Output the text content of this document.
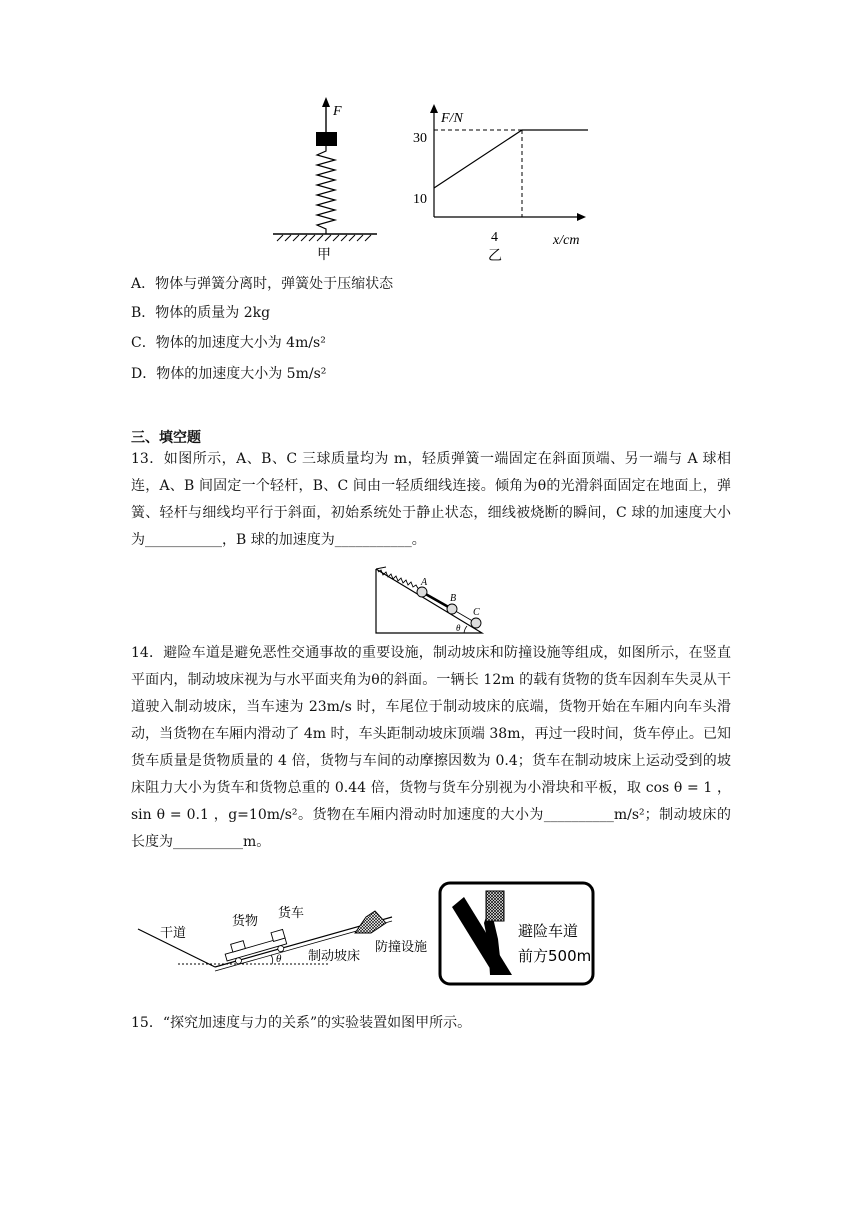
F
甲
F/N
x/cm
30
10
4
乙
A．物体与弹簧分离时，弹簧处于压缩状态
B．物体的质量为 2kg
C．物体的加速度大小为 4m/s²
D．物体的加速度大小为 5m/s²
三、填空题
13．如图所示，A、B、C 三球质量均为 m，轻质弹簧一端固定在斜面顶端、另一端与 A 球相连，A、B 间固定一个轻杆，B、C 间由一轻质细线连接。倾角为θ的光滑斜面固定在地面上，弹簧、轻杆与细线均平行于斜面，初始系统处于静止状态，细线被烧断的瞬间，C 球的加速度大小为___________，B 球的加速度为___________。
A
B
C
θ
14．避险车道是避免恶性交通事故的重要设施，制动坡床和防撞设施等组成，如图所示，在竖直平面内，制动坡床视为与水平面夹角为θ的斜面。一辆长 12m 的载有货物的货车因刹车失灵从干道驶入制动坡床，当车速为 23m/s 时，车尾位于制动坡床的底端，货物开始在车厢内向车头滑动，当货物在车厢内滑动了 4m 时，车头距制动坡床顶端 38m，再过一段时间，货车停止。已知货车质量是货物质量的 4 倍，货物与车间的动摩擦因数为 0.4；货车在制动坡床上运动受到的坡床阻力大小为货车和货物总重的 0.44 倍，货物与货车分别视为小滑块和平板，取 cos θ = 1 ， sin θ = 0.1 ，g=10m/s²。货物在车厢内滑动时加速度的大小为__________m/s²；制动坡床的长度为__________m。
θ
干道
货物
货车
防撞设施
制动坡床
避险车道
前方500m
15．“探究加速度与力的关系”的实验装置如图甲所示。
